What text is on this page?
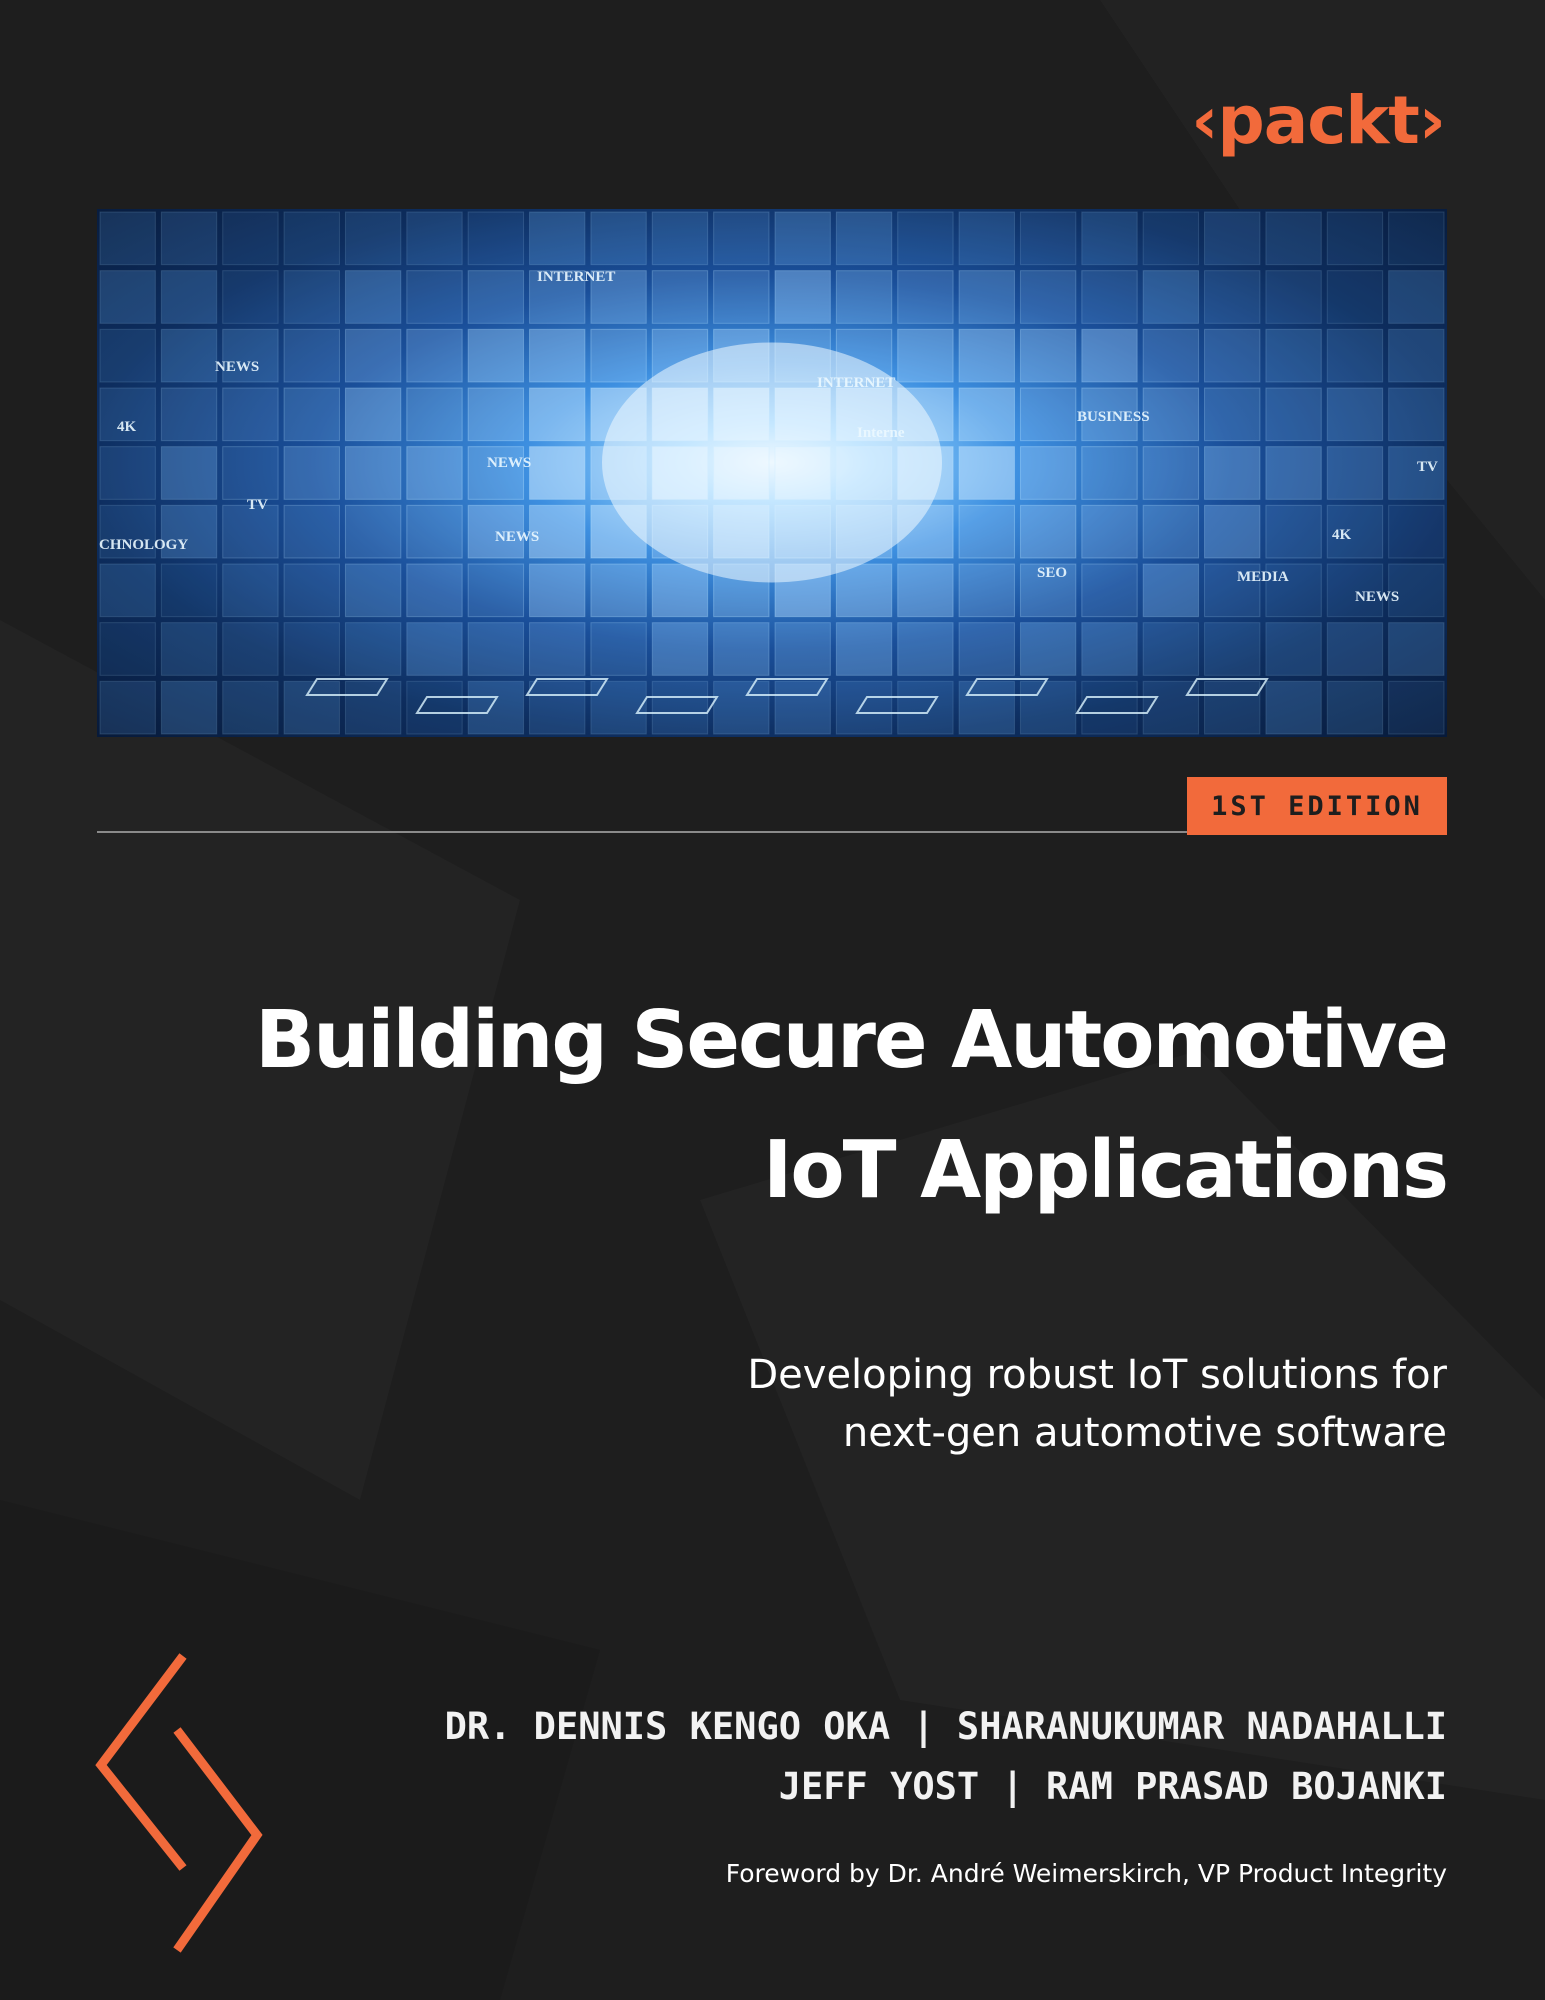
‹packt›
NEWS
INTERNET
INTERNET
Interne
BUSINESS
NEWS
NEWS
TV
TV
MEDIA
4K
4K
SEO
NEWS
CHNOLOGY
1ST EDITION
Building Secure Automotive
IoT Applications
Developing robust IoT solutions for
next-gen automotive software
DR. DENNIS KENGO OKA | SHARANUKUMAR NADAHALLI
JEFF YOST | RAM PRASAD BOJANKI
Foreword by Dr. André Weimerskirch, VP Product Integrity
